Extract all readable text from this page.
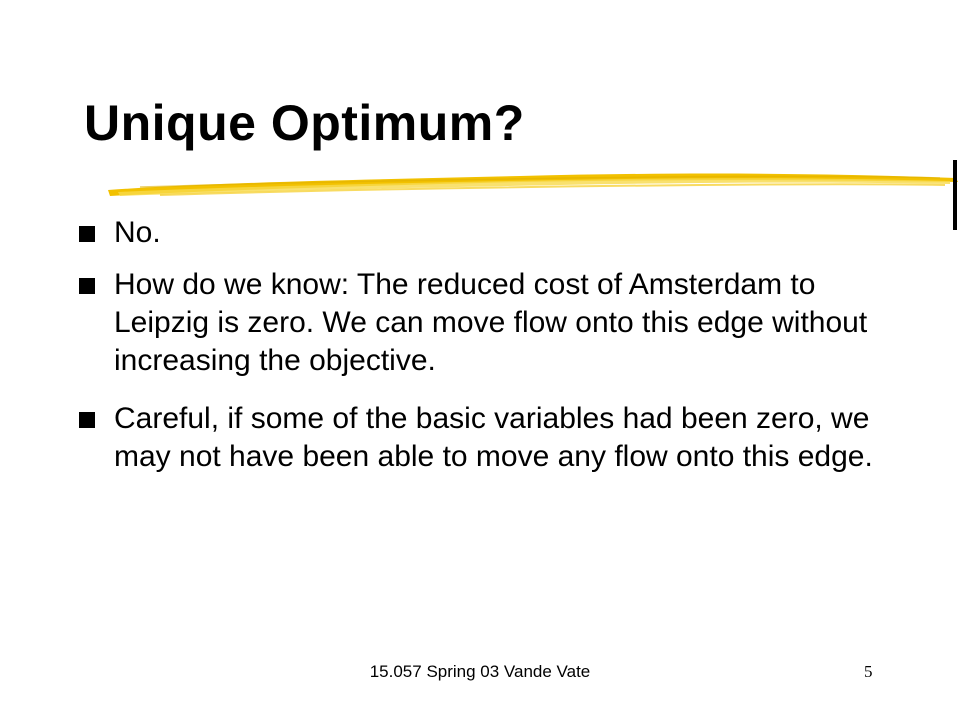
Unique Optimum?
No.
How do we know: The reduced cost of Amsterdam to Leipzig is zero. We can move flow onto this edge without increasing the objective.
Careful, if some of the basic variables had been zero, we may not have been able to move any flow onto this edge.
15.057 Spring 03 Vande Vate	5
